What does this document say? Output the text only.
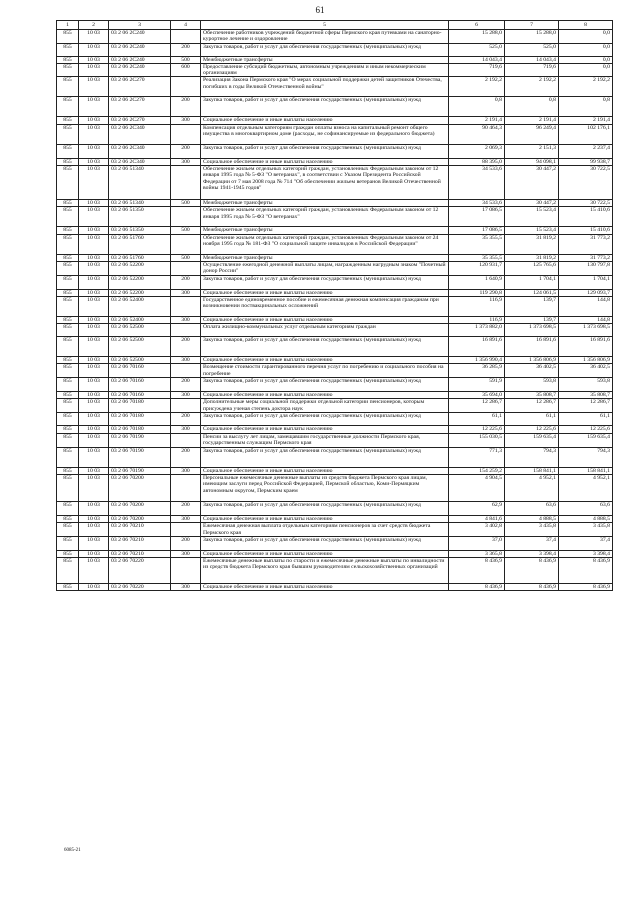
61
1	2	3	4	5	6	7	8
855	10 03	03 2 06 2C240		Обеспечение работников учреждений бюджетной сферы Пермского края путевками на санаторно-курортное лечение и оздоровление	15 288,0	15 288,0	0,0
855	10 03	03 2 06 2C240	200	Закупка товаров, работ и услуг для обеспечения государственных (муниципальных) нужд	525,0	525,0	0,0
855	10 03	03 2 06 2C240	500	Межбюджетные трансферты	14 043,4	14 043,4	0,0
855	10 03	03 2 06 2C240	600	Предоставление субсидий бюджетным, автономным учреждениям и иным некоммерческим организациям	719,6	719,6	0,0
855	10 03	03 2 06 2C270		Реализация Закона Пермского края "О мерах социальной поддержки детей защитников Отечества, погибших в годы Великой Отечественной войны"	2 192,2	2 192,2	2 192,2
855	10 03	03 2 06 2C270	200	Закупка товаров, работ и услуг для обеспечения государственных (муниципальных) нужд	0,8	0,8	0,8
855	10 03	03 2 06 2C270	300	Социальное обеспечение и иные выплаты населению	2 191,4	2 191,4	2 191,4
855	10 03	03 2 06 2C340		Компенсация отдельным категориям граждан оплаты взноса на капитальный ремонт общего имущества в многоквартирном доме (расходы, не софинансируемые из федерального бюджета)	90 464,3	96 249,4	102 176,1
855	10 03	03 2 06 2C340	200	Закупка товаров, работ и услуг для обеспечения государственных (муниципальных) нужд	2 069,3	2 151,3	2 237,4
855	10 03	03 2 06 2C340	300	Социальное обеспечение и иные выплаты населению	88 395,0	94 098,1	99 938,7
855	10 03	03 2 06 51340		Обеспечение жильем отдельных категорий граждан, установленных Федеральным законом от 12 января 1995 года № 5-ФЗ "О ветеранах", в соответствии с Указом Президента Российской Федерации от 7 мая 2008 года № 714 "Об обеспечении жильем ветеранов Великой Отечественной войны 1941-1945 годов"	34 533,6	30 447,2	30 722,5
855	10 03	03 2 06 51340	500	Межбюджетные трансферты	34 533,6	30 447,2	30 722,5
855	10 03	03 2 06 51350		Обеспечение жильем отдельных категорий граждан, установленных Федеральным законом от 12 января 1995 года № 5-ФЗ "О ветеранах"	17 086,5	15 523,4	15 410,6
855	10 03	03 2 06 51350	500	Межбюджетные трансферты	17 086,5	15 523,4	15 410,6
855	10 03	03 2 06 51760		Обеспечение жильем отдельных категорий граждан, установленных Федеральным законом от 24 ноября 1995 года № 181-ФЗ "О социальной защите инвалидов в Российской Федерации"	35 355,5	31 819,2	31 773,2
855	10 03	03 2 06 51760	500	Межбюджетные трансферты	35 355,5	31 819,2	31 773,2
855	10 03	03 2 06 52200		Осуществление ежегодной денежной выплаты лицам, награжденным нагрудным знаком "Почетный донор России"	120 931,7	125 765,6	130 797,8
855	10 03	03 2 06 52200	200	Закупка товаров, работ и услуг для обеспечения государственных (муниципальных) нужд	1 640,9	1 704,1	1 704,1
855	10 03	03 2 06 52200	300	Социальное обеспечение и иные выплаты населению	119 290,8	124 061,5	129 093,7
855	10 03	03 2 06 52400		Государственное единовременное пособие и ежемесячная денежная компенсация гражданам при возникновении поствакцинальных осложнений	116,9	139,7	144,8
855	10 03	03 2 06 52400	300	Социальное обеспечение и иные выплаты населению	116,9	139,7	144,8
855	10 03	03 2 06 52500		Оплата жилищно-коммунальных услуг отдельным категориям граждан	1 373 882,0	1 373 698,5	1 373 698,5
855	10 03	03 2 06 52500	200	Закупка товаров, работ и услуг для обеспечения государственных (муниципальных) нужд	16 891,6	16 891,6	16 891,6
855	10 03	03 2 06 52500	300	Социальное обеспечение и иные выплаты населению	1 356 990,4	1 356 806,9	1 356 806,9
855	10 03	03 2 06 70160		Возмещение стоимости гарантированного перечня услуг по погребению и социального пособия на погребение	36 285,9	36 402,5	36 402,5
855	10 03	03 2 06 70160	200	Закупка товаров, работ и услуг для обеспечения государственных (муниципальных) нужд	591,9	593,8	593,8
855	10 03	03 2 06 70160	300	Социальное обеспечение и иные выплаты населению	35 694,0	35 808,7	35 808,7
855	10 03	03 2 06 70180		Дополнительные меры социальной поддержки отдельной категории пенсионеров, которым присуждена ученая степень доктора наук	12 286,7	12 286,7	12 286,7
855	10 03	03 2 06 70180	200	Закупка товаров, работ и услуг для обеспечения государственных (муниципальных) нужд	61,1	61,1	61,1
855	10 03	03 2 06 70180	300	Социальное обеспечение и иные выплаты населению	12 225,6	12 225,6	12 225,6
855	10 03	03 2 06 70190		Пенсии за выслугу лет лицам, замещавшим государственные должности Пермского края, государственным служащим Пермского края	155 030,5	159 635,4	159 635,4
855	10 03	03 2 06 70190	200	Закупка товаров, работ и услуг для обеспечения государственных (муниципальных) нужд	771,3	794,3	794,3
855	10 03	03 2 06 70190	300	Социальное обеспечение и иные выплаты населению	154 259,2	158 841,1	158 841,1
855	10 03	03 2 06 70200		Персональные ежемесячные денежные выплаты из средств бюджета Пермского края лицам, имеющим заслуги перед Российской Федерацией, Пермской областью, Коми-Пермяцким автономным округом, Пермским краем	4 904,5	4 952,1	4 952,1
855	10 03	03 2 06 70200	200	Закупка товаров, работ и услуг для обеспечения государственных (муниципальных) нужд	62,9	63,6	63,6
855	10 03	03 2 06 70200	300	Социальное обеспечение и иные выплаты населению	4 841,6	4 888,5	4 888,5
855	10 03	03 2 06 70210		Ежемесячная денежная выплата отдельным категориям пенсионеров за счет средств бюджета Пермского края	3 402,8	3 435,8	3 435,8
855	10 03	03 2 06 70210	200	Закупка товаров, работ и услуг для обеспечения государственных (муниципальных) нужд	37,0	37,4	37,4
855	10 03	03 2 06 70210	300	Социальное обеспечение и иные выплаты населению	3 365,8	3 398,4	3 398,4
855	10 03	03 2 06 70220		Ежемесячные денежные выплаты по старости и ежемесячные денежные выплаты по инвалидности из средств бюджета Пермского края бывшим руководителям сельскохозяйственных организаций	8 436,9	8 436,9	8 436,9
855	10 03	03 2 06 70220	300	Социальное обеспечение и иные выплаты населению	8 436,9	8 436,9	8 436,9
6085-21
